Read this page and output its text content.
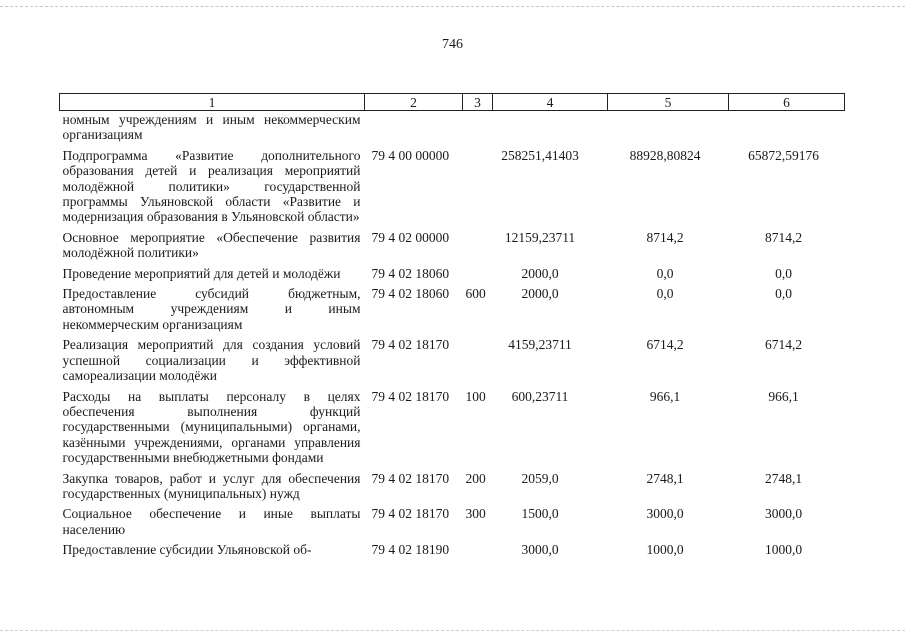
746
1	2	3	4	5	6
номным учреждениям и иным некоммерческим организациям					
Подпрограмма «Развитие дополнительного образования детей и реализация мероприятий молодёжной политики» государственной программы Ульяновской области «Развитие и модернизация образования в Ульяновской области»	79 4 00 00000		258251,41403	88928,80824	65872,59176
Основное мероприятие «Обеспечение развития молодёжной политики»	79 4 02 00000		12159,23711	8714,2	8714,2
Проведение мероприятий для детей и молодёжи	79 4 02 18060		2000,0	0,0	0,0
Предоставление субсидий бюджетным, автономным учреждениям и иным некоммерческим организациям	79 4 02 18060	600	2000,0	0,0	0,0
Реализация мероприятий для создания условий успешной социализации и эффективной самореализации молодёжи	79 4 02 18170		4159,23711	6714,2	6714,2
Расходы на выплаты персоналу в целях обеспечения выполнения функций государственными (муниципальными) органами, казёнными учреждениями, органами управления государственными внебюджетными фондами	79 4 02 18170	100	600,23711	966,1	966,1
Закупка товаров, работ и услуг для обеспечения государственных (муниципальных) нужд	79 4 02 18170	200	2059,0	2748,1	2748,1
Социальное обеспечение и иные выплаты населению	79 4 02 18170	300	1500,0	3000,0	3000,0
Предоставление субсидии Ульяновской об-	79 4 02 18190		3000,0	1000,0	1000,0
